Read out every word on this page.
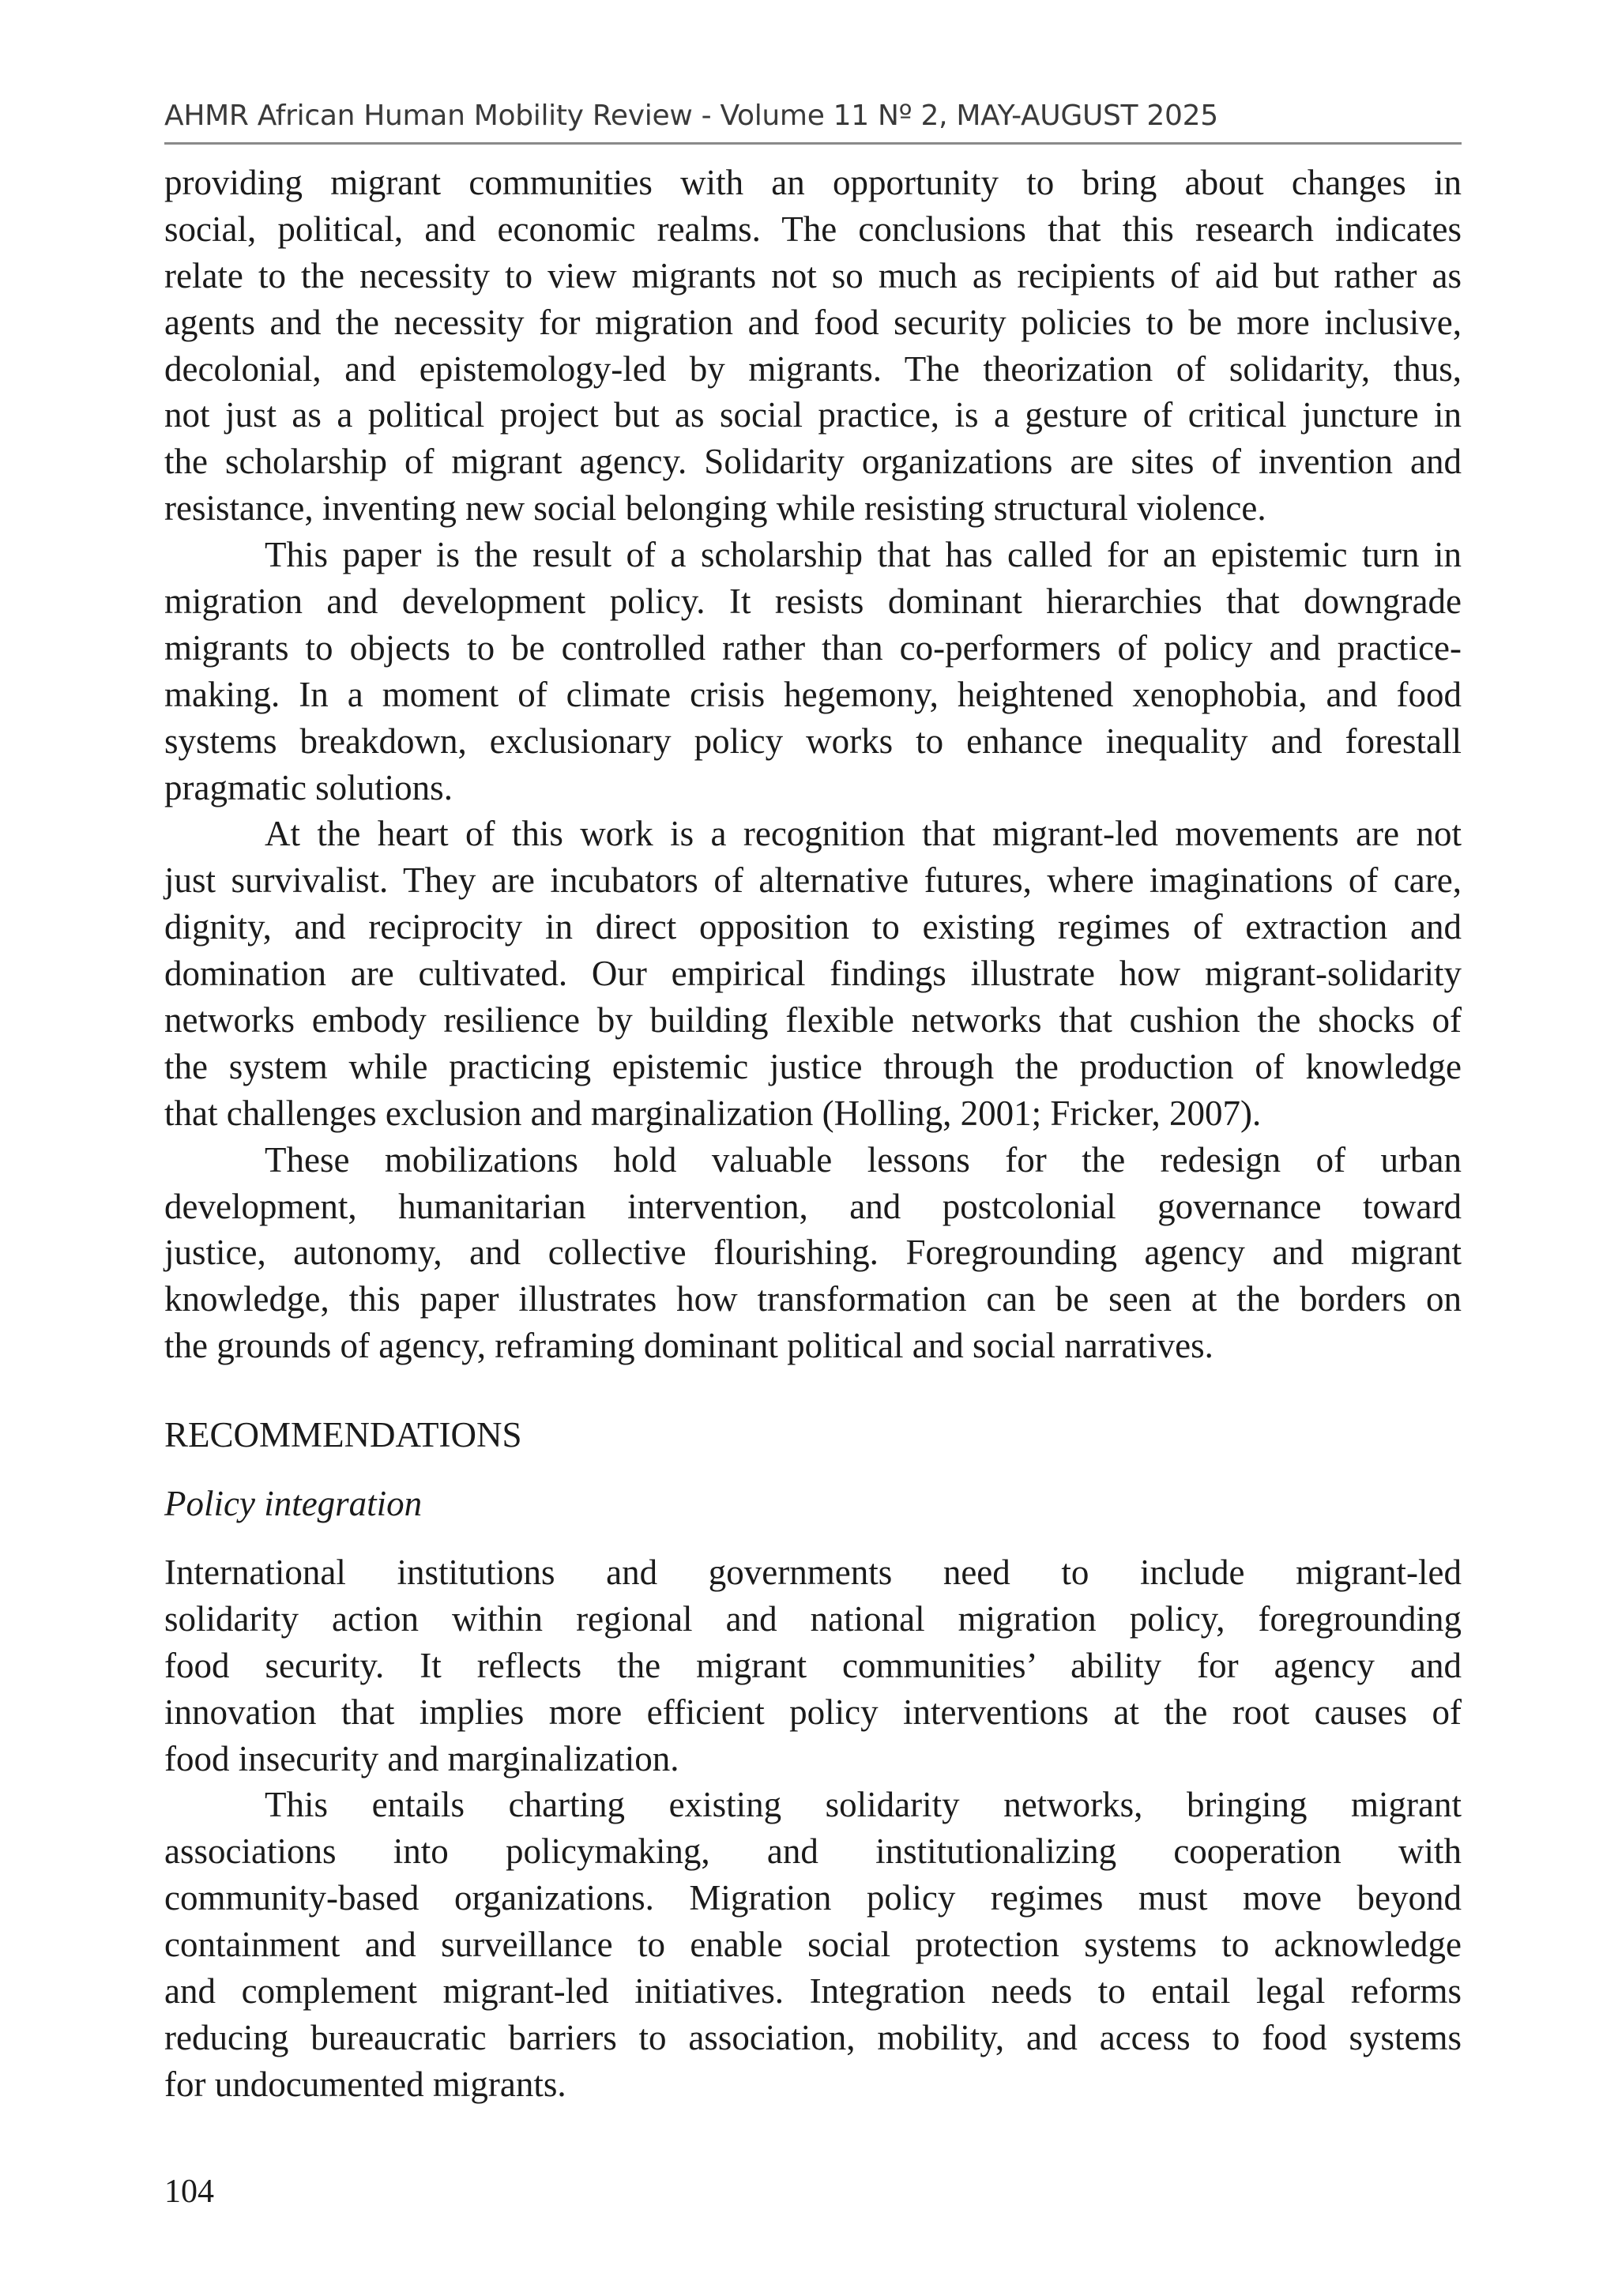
AHMR African Human Mobility Review - Volume 11 Nº 2, MAY-AUGUST 2025
providing migrant communities with an opportunity to bring about changes in
social, political, and economic realms. The conclusions that this research indicates
relate to the necessity to view migrants not so much as recipients of aid but rather as
agents and the necessity for migration and food security policies to be more inclusive,
decolonial, and epistemology-led by migrants. The theorization of solidarity, thus,
not just as a political project but as social practice, is a gesture of critical juncture in
the scholarship of migrant agency. Solidarity organizations are sites of invention and
resistance, inventing new social belonging while resisting structural violence.
This paper is the result of a scholarship that has called for an epistemic turn in
migration and development policy. It resists dominant hierarchies that downgrade
migrants to objects to be controlled rather than co-performers of policy and practice-
making. In a moment of climate crisis hegemony, heightened xenophobia, and food
systems breakdown, exclusionary policy works to enhance inequality and forestall
pragmatic solutions.
At the heart of this work is a recognition that migrant-led movements are not
just survivalist. They are incubators of alternative futures, where imaginations of care,
dignity, and reciprocity in direct opposition to existing regimes of extraction and
domination are cultivated. Our empirical findings illustrate how migrant-solidarity
networks embody resilience by building flexible networks that cushion the shocks of
the system while practicing epistemic justice through the production of knowledge
that challenges exclusion and marginalization (Holling, 2001; Fricker, 2007).
These mobilizations hold valuable lessons for the redesign of urban
development, humanitarian intervention, and postcolonial governance toward
justice, autonomy, and collective flourishing. Foregrounding agency and migrant
knowledge, this paper illustrates how transformation can be seen at the borders on
the grounds of agency, reframing dominant political and social narratives.
RECOMMENDATIONS
Policy integration
International institutions and governments need to include migrant-led
solidarity action within regional and national migration policy, foregrounding
food security. It reflects the migrant communities’ ability for agency and
innovation that implies more efficient policy interventions at the root causes of
food insecurity and marginalization.
This entails charting existing solidarity networks, bringing migrant
associations into policymaking, and institutionalizing cooperation with
community-based organizations. Migration policy regimes must move beyond
containment and surveillance to enable social protection systems to acknowledge
and complement migrant-led initiatives. Integration needs to entail legal reforms
reducing bureaucratic barriers to association, mobility, and access to food systems
for undocumented migrants.
104
